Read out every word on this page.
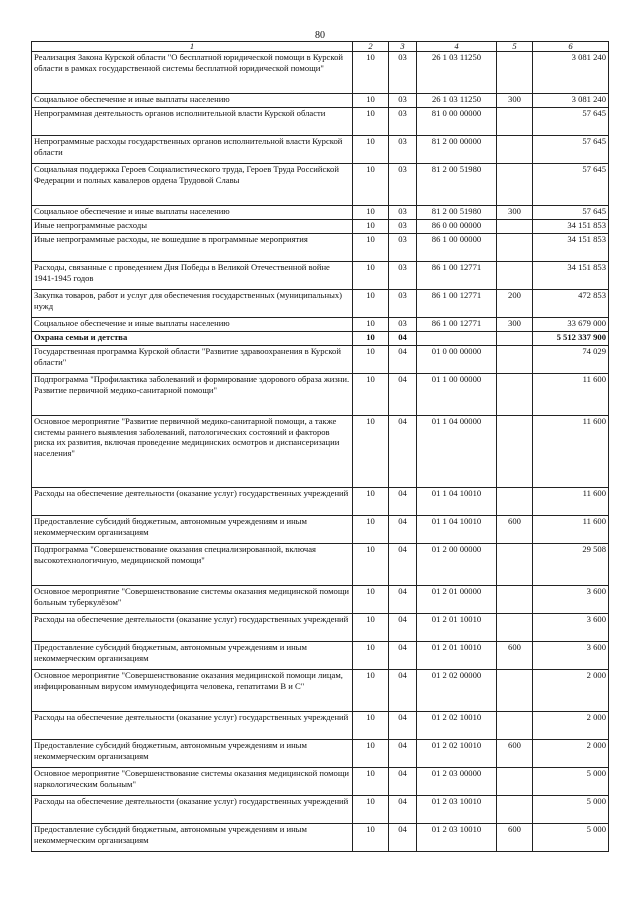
80
1	2	3	4	5	6
Реализация Закона Курской области "О бесплатной юридической помощи в Курской области в рамках государственной системы бесплатной юридической помощи"	10	03	26 1 03 11250		3 081 240
Социальное обеспечение и иные выплаты населению	10	03	26 1 03 11250	300	3 081 240
Непрограммная деятельность органов исполнительной власти Курской области	10	03	81 0 00 00000		57 645
Непрограммные расходы государственных органов исполнительной власти Курской области	10	03	81 2 00 00000		57 645
Социальная поддержка Героев Социалистического труда, Героев Труда Российской Федерации и полных кавалеров ордена Трудовой Славы	10	03	81 2 00 51980		57 645
Социальное обеспечение и иные выплаты населению	10	03	81 2 00 51980	300	57 645
Иные непрограммные расходы	10	03	86 0 00 00000		34 151 853
Иные непрограммные расходы, не вошедшие в программные мероприятия	10	03	86 1 00 00000		34 151 853
Расходы, связанные с проведением Дня Победы в Великой Отечественной войне 1941-1945 годов	10	03	86 1 00 12771		34 151 853
Закупка товаров, работ и услуг для обеспечения государственных (муниципальных) нужд	10	03	86 1 00 12771	200	472 853
Социальное обеспечение и иные выплаты населению	10	03	86 1 00 12771	300	33 679 000
Охрана семьи и детства	10	04			5 512 337 900
Государственная программа Курской области "Развитие здравоохранения в Курской области"	10	04	01 0 00 00000		74 029
Подпрограмма "Профилактика заболеваний и формирование здорового образа жизни. Развитие первичной медико-санитарной помощи"	10	04	01 1 00 00000		11 600
Основное мероприятие "Развитие первичной медико-санитарной помощи, а также системы раннего выявления заболеваний, патологических состояний и факторов риска их развития, включая проведение медицинских осмотров и диспансеризации населения"	10	04	01 1 04 00000		11 600
Расходы на обеспечение деятельности (оказание услуг) государственных учреждений	10	04	01 1 04 10010		11 600
Предоставление субсидий бюджетным, автономным учреждениям и иным некоммерческим организациям	10	04	01 1 04 10010	600	11 600
Подпрограмма "Совершенствование оказания специализированной, включая высокотехнологичную, медицинской помощи"	10	04	01 2 00 00000		29 508
Основное мероприятие "Совершенствование системы оказания медицинской помощи больным туберкулёзом"	10	04	01 2 01 00000		3 600
Расходы на обеспечение деятельности (оказание услуг) государственных учреждений	10	04	01 2 01 10010		3 600
Предоставление субсидий бюджетным, автономным учреждениям и иным некоммерческим организациям	10	04	01 2 01 10010	600	3 600
Основное мероприятие "Совершенствование оказания медицинской помощи лицам, инфицированным вирусом иммунодефицита человека, гепатитами В и С"	10	04	01 2 02 00000		2 000
Расходы на обеспечение деятельности (оказание услуг) государственных учреждений	10	04	01 2 02 10010		2 000
Предоставление субсидий бюджетным, автономным учреждениям и иным некоммерческим организациям	10	04	01 2 02 10010	600	2 000
Основное мероприятие "Совершенствование системы оказания медицинской помощи наркологическим больным"	10	04	01 2 03 00000		5 000
Расходы на обеспечение деятельности (оказание услуг) государственных учреждений	10	04	01 2 03 10010		5 000
Предоставление субсидий бюджетным, автономным учреждениям и иным некоммерческим организациям	10	04	01 2 03 10010	600	5 000
